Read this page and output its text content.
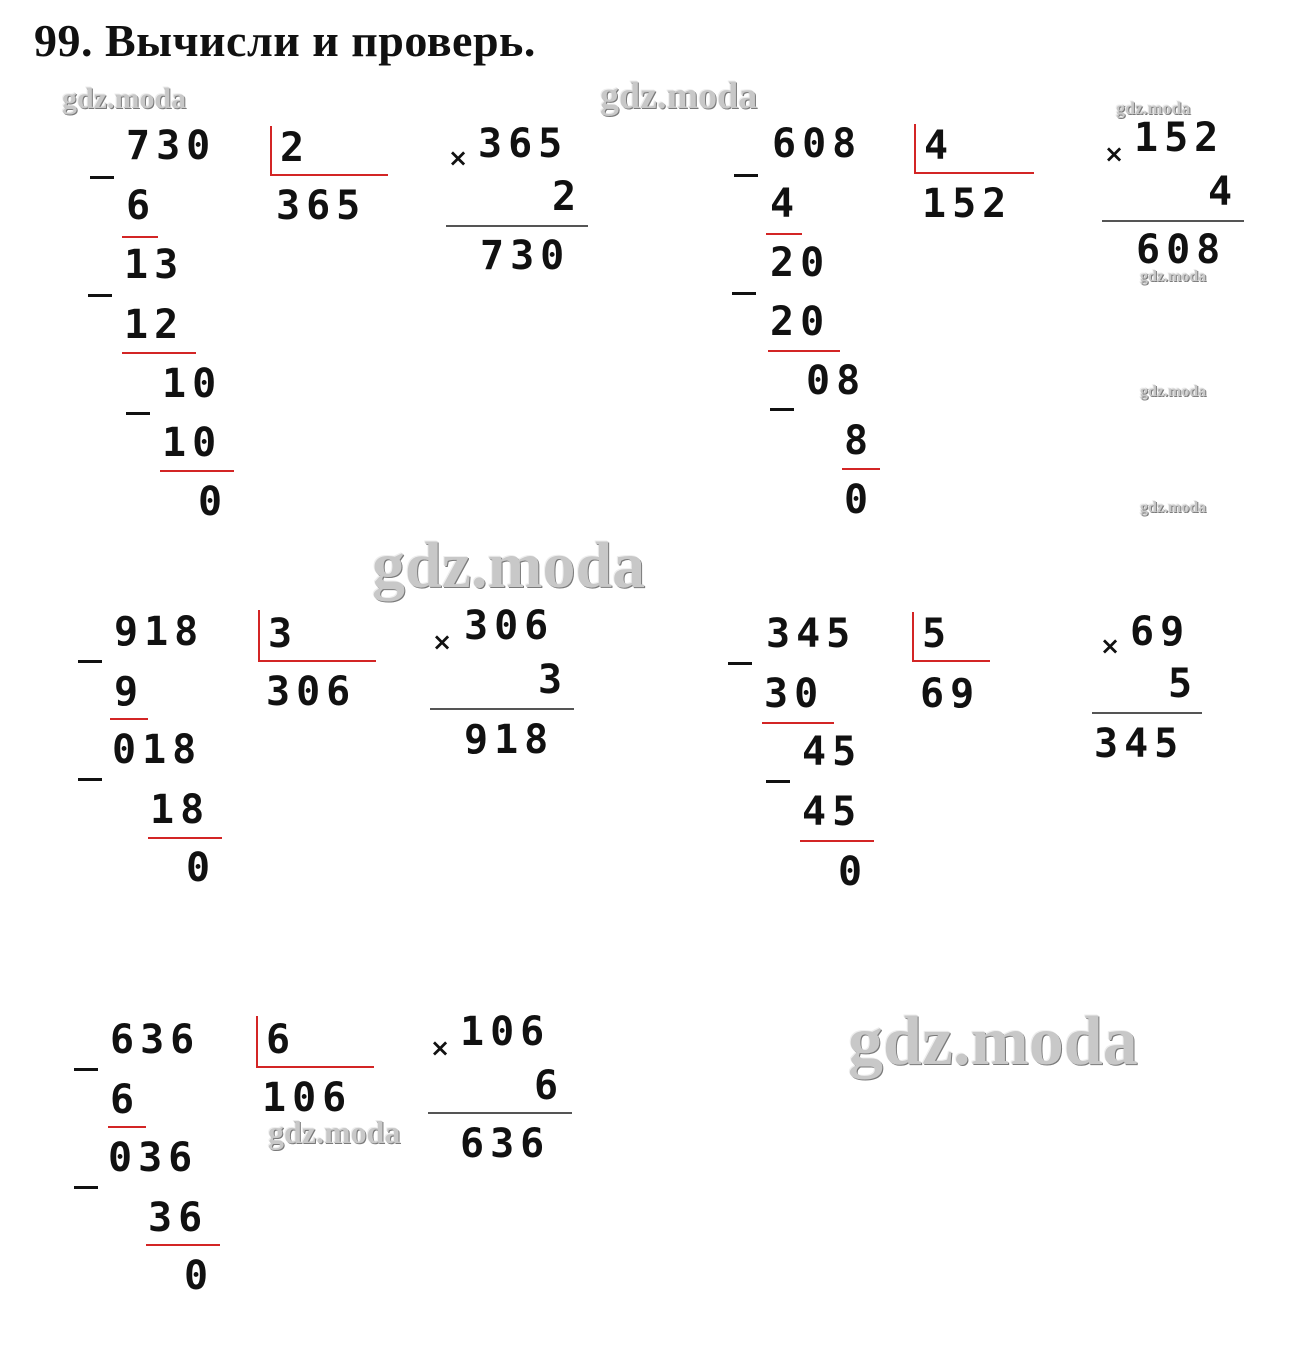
99. Вычисли и проверь.
gdz.moda	gdz.moda	gdz.moda
gdz.moda
gdz.moda
gdz.moda
gdz.moda
gdz.moda
gdz.moda
730
6
13
12
10
10
0
2
365
× 365
2
730
608
4
20
20
08
8
0
4
152
× 152
4
608
918
9
018
18
0
3
306
× 306
3
918
345
30
45
45
0
5
69
× 69
5
345
636
6
036
36
0
6
106
× 106
6
636
